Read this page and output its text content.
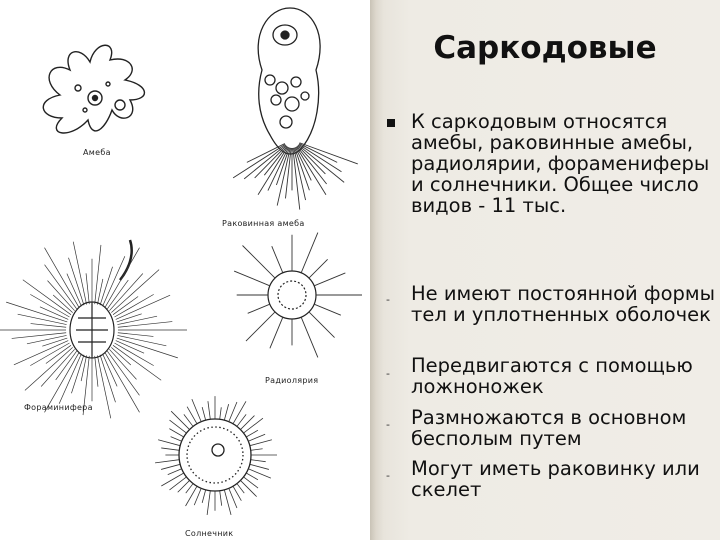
Амеба
Раковинная амеба
Фораминифера
Радиолярия
Солнечник
Саркодовые
К саркодовым относятся амебы, раковинные амебы, радиолярии, форамениферы и солнечники. Общее число видов - 11 тыс.
- Не имеют постоянной формы тел и уплотненных оболочек
- Передвигаются с помощью ложноножек
- Размножаются в основном бесполым путем
- Могут иметь раковинку или скелет
